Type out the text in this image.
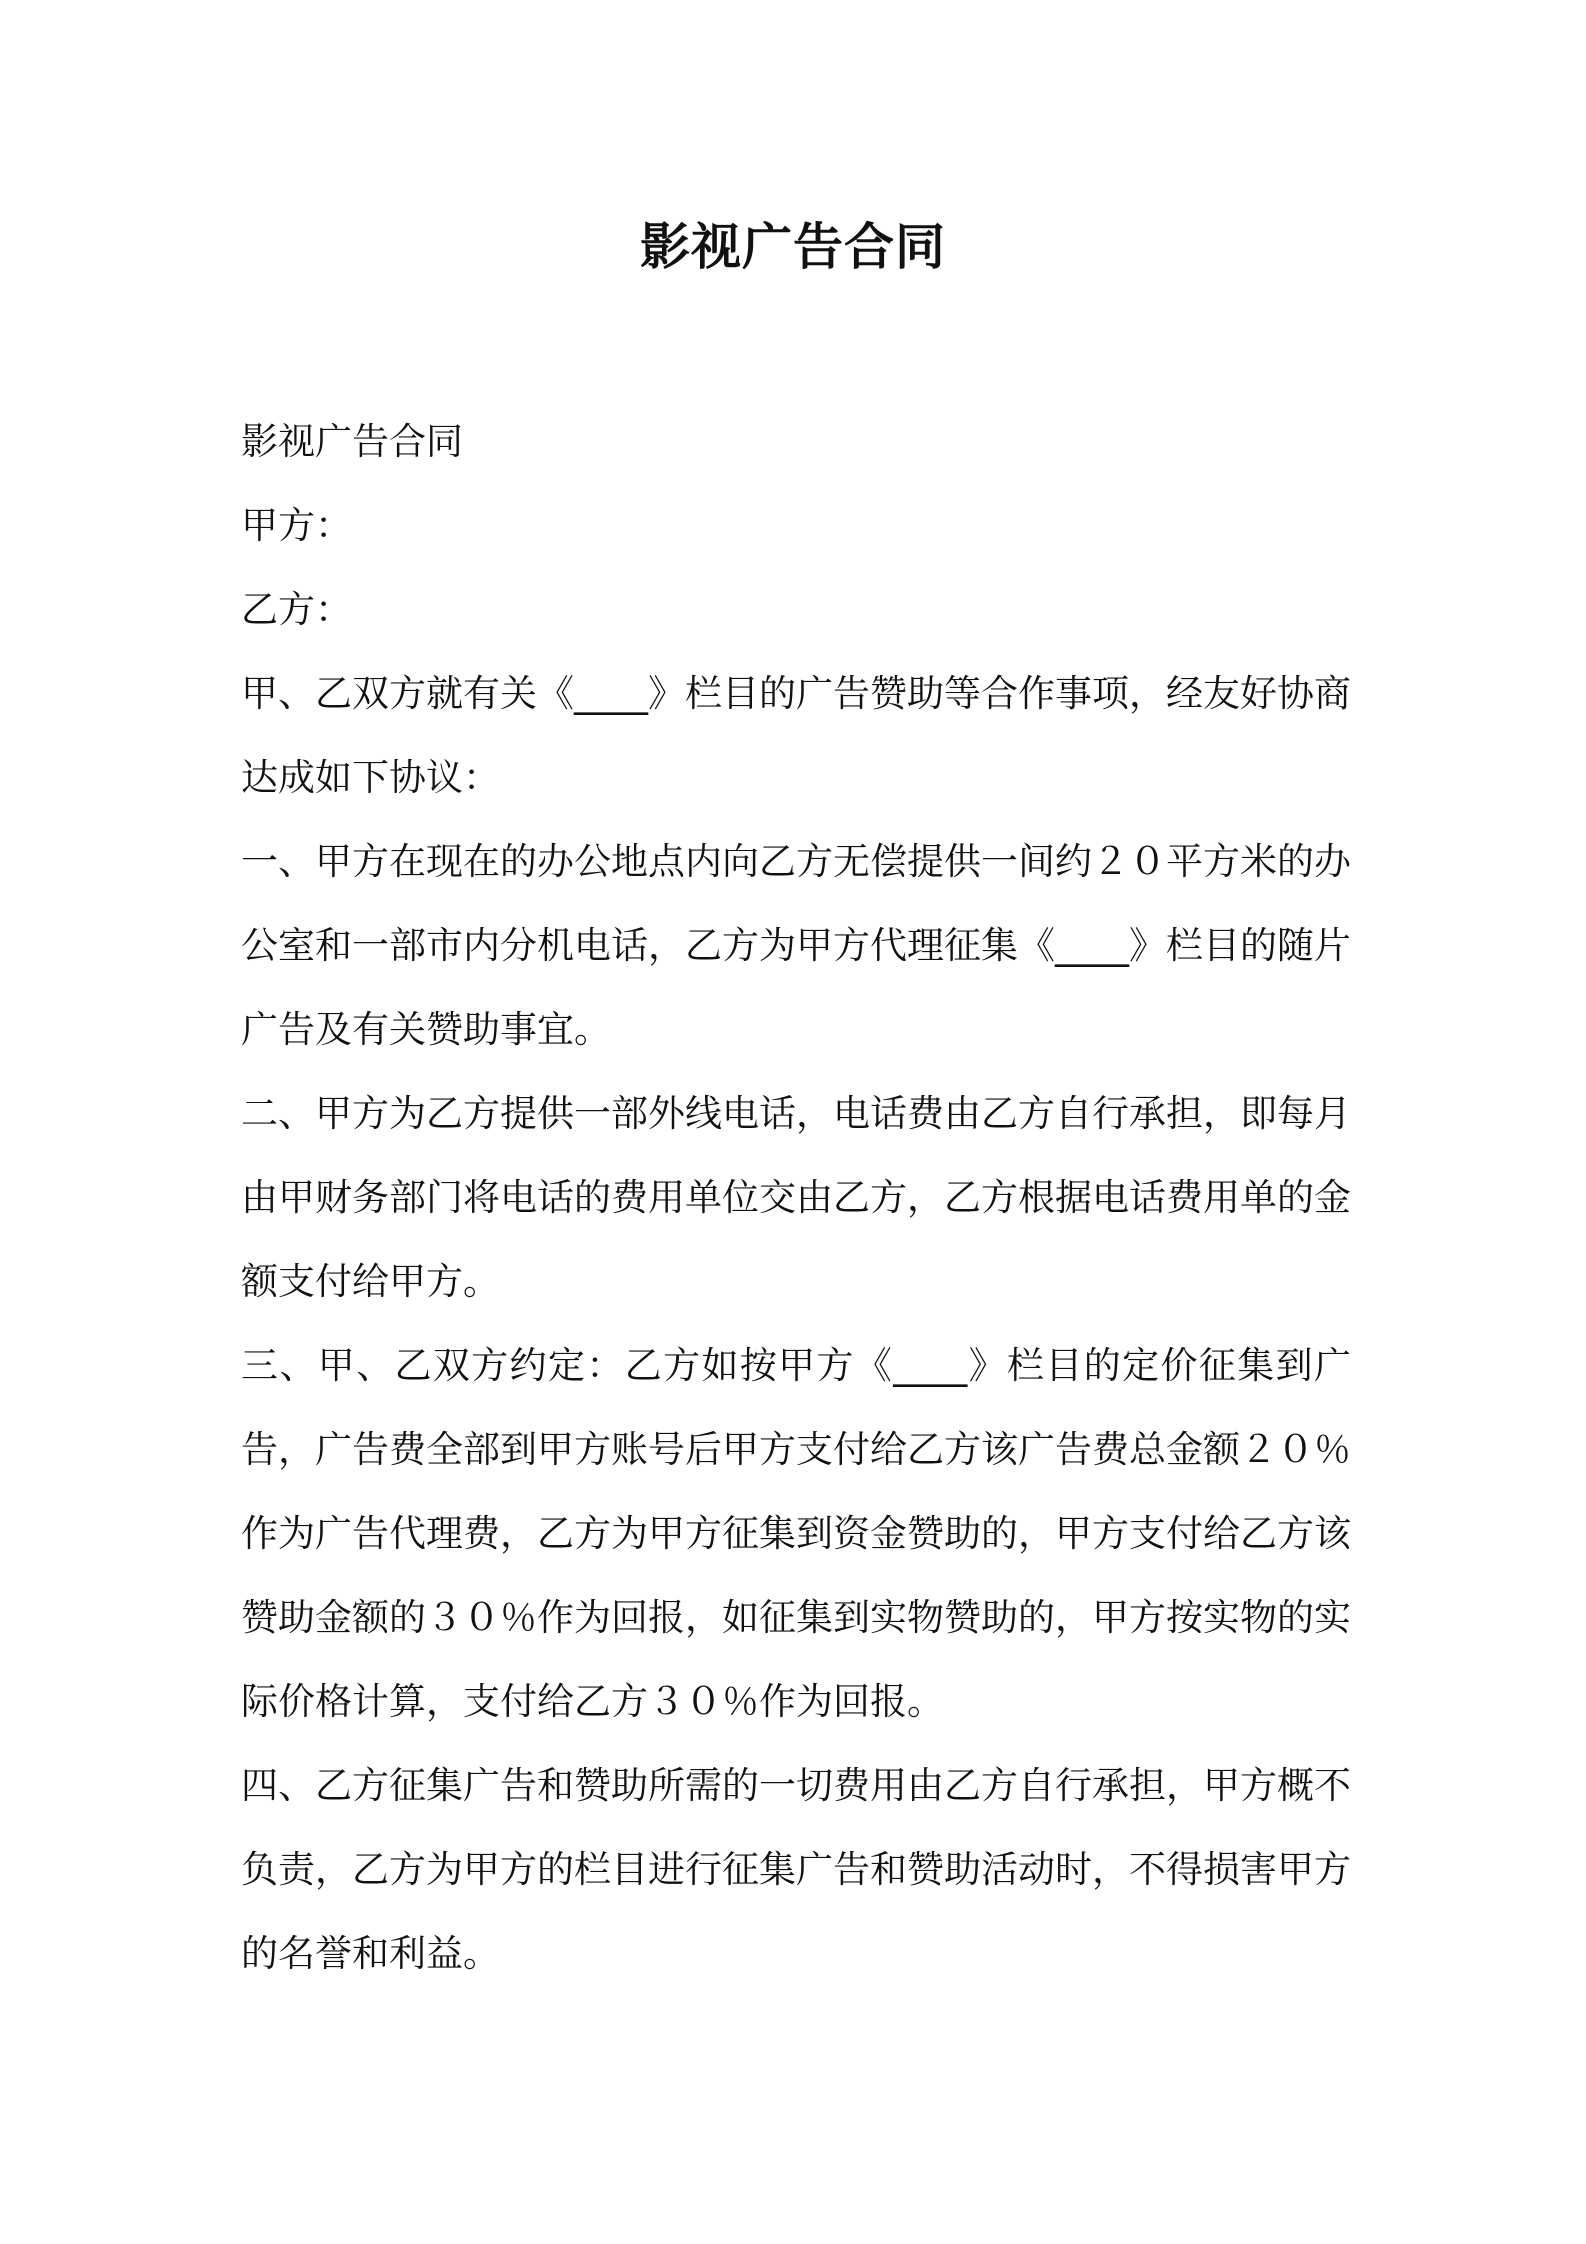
影视广告合同

影视广告合同

甲方：

乙方：

甲、乙双方就有关《____》栏目的广告赞助等合作事项，经友好协商达成如下协议：

一、甲方在现在的办公地点内向乙方无偿提供一间约２０平方米的办公室和一部市内分机电话，乙方为甲方代理征集《____》栏目的随片广告及有关赞助事宜。

二、甲方为乙方提供一部外线电话，电话费由乙方自行承担，即每月由甲财务部门将电话的费用单位交由乙方，乙方根据电话费用单的金额支付给甲方。

三、甲、乙双方约定：乙方如按甲方《____》栏目的定价征集到广告，广告费全部到甲方账号后甲方支付给乙方该广告费总金额２０％作为广告代理费，乙方为甲方征集到资金赞助的，甲方支付给乙方该赞助金额的３０％作为回报，如征集到实物赞助的，甲方按实物的实际价格计算，支付给乙方３０％作为回报。

四、乙方征集广告和赞助所需的一切费用由乙方自行承担，甲方概不负责，乙方为甲方的栏目进行征集广告和赞助活动时，不得损害甲方的名誉和利益。
